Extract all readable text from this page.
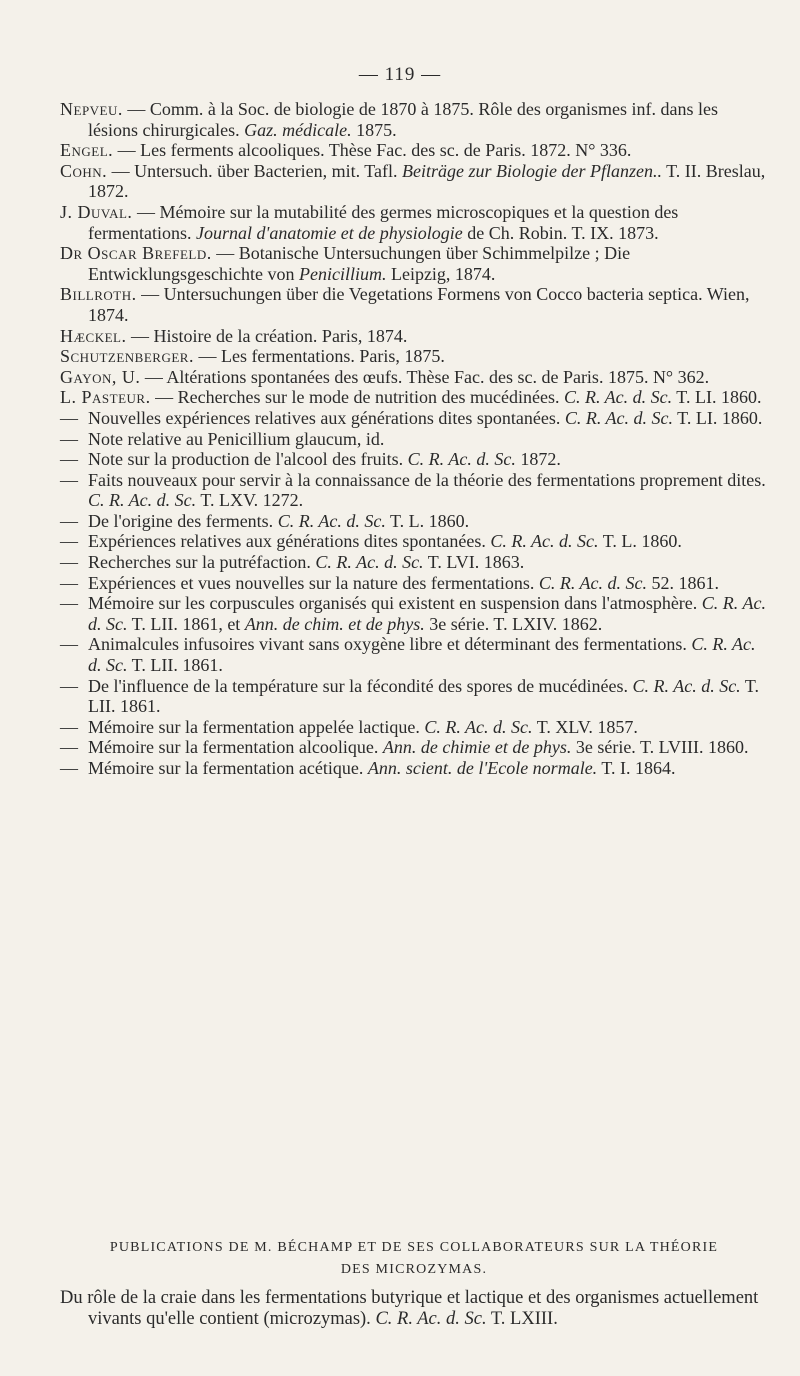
— 119 —

Nepveu. — Comm. à la Soc. de biologie de 1870 à 1875. Rôle des organismes inf. dans les lésions chirurgicales. Gaz. médicale. 1875.

Engel. — Les ferments alcooliques. Thèse Fac. des sc. de Paris. 1872. N° 336.

Cohn. — Untersuch. über Bacterien, mit. Tafl. Beiträge zur Biologie der Pflanzen.. T. II. Breslau, 1872.

J. Duval. — Mémoire sur la mutabilité des germes microscopiques et la question des fermentations. Journal d'anatomie et de physiologie de Ch. Robin. T. IX. 1873.

Dr Oscar Brefeld. — Botanische Untersuchungen über Schimmelpilze ; Die Entwicklungsgeschichte von Penicillium. Leipzig, 1874.

Billroth. — Untersuchungen über die Vegetations Formens von Cocco bacteria septica. Wien, 1874.

Hæckel. — Histoire de la création. Paris, 1874.

Schutzenberger. — Les fermentations. Paris, 1875.

Gayon, U. — Altérations spontanées des œufs. Thèse Fac. des sc. de Paris. 1875. N° 362.

L. Pasteur. — Recherches sur le mode de nutrition des mucédinées. C. R. Ac. d. Sc. T. LI. 1860.

— Nouvelles expériences relatives aux générations dites spontanées. C. R. Ac. d. Sc. T. LI. 1860.

— Note relative au Penicillium glaucum, id.

— Note sur la production de l'alcool des fruits. C. R. Ac. d. Sc. 1872.

— Faits nouveaux pour servir à la connaissance de la théorie des fermentations proprement dites. C. R. Ac. d. Sc. T. LXV. 1272.

— De l'origine des ferments. C. R. Ac. d. Sc. T. L. 1860.

— Expériences relatives aux générations dites spontanées. C. R. Ac. d. Sc. T. L. 1860.

— Recherches sur la putréfaction. C. R. Ac. d. Sc. T. LVI. 1863.

— Expériences et vues nouvelles sur la nature des fermentations. C. R. Ac. d. Sc. 52. 1861.

— Mémoire sur les corpuscules organisés qui existent en suspension dans l'atmosphère. C. R. Ac. d. Sc. T. LII. 1861, et Ann. de chim. et de phys. 3e série. T. LXIV. 1862.

— Animalcules infusoires vivant sans oxygène libre et déterminant des fermentations. C. R. Ac. d. Sc. T. LII. 1861.

— De l'influence de la température sur la fécondité des spores de mucédinées. C. R. Ac. d. Sc. T. LII. 1861.

— Mémoire sur la fermentation appelée lactique. C. R. Ac. d. Sc. T. XLV. 1857.

— Mémoire sur la fermentation alcoolique. Ann. de chimie et de phys. 3e série. T. LVIII. 1860.

— Mémoire sur la fermentation acétique. Ann. scient. de l'Ecole normale. T. I. 1864.

PUBLICATIONS DE M. BÉCHAMP ET DE SES COLLABORATEURS SUR LA THÉORIE
DES MICROZYMAS.

Du rôle de la craie dans les fermentations butyrique et lactique et des organismes actuellement vivants qu'elle contient (microzymas). C. R. Ac. d. Sc. T. LXIII.
